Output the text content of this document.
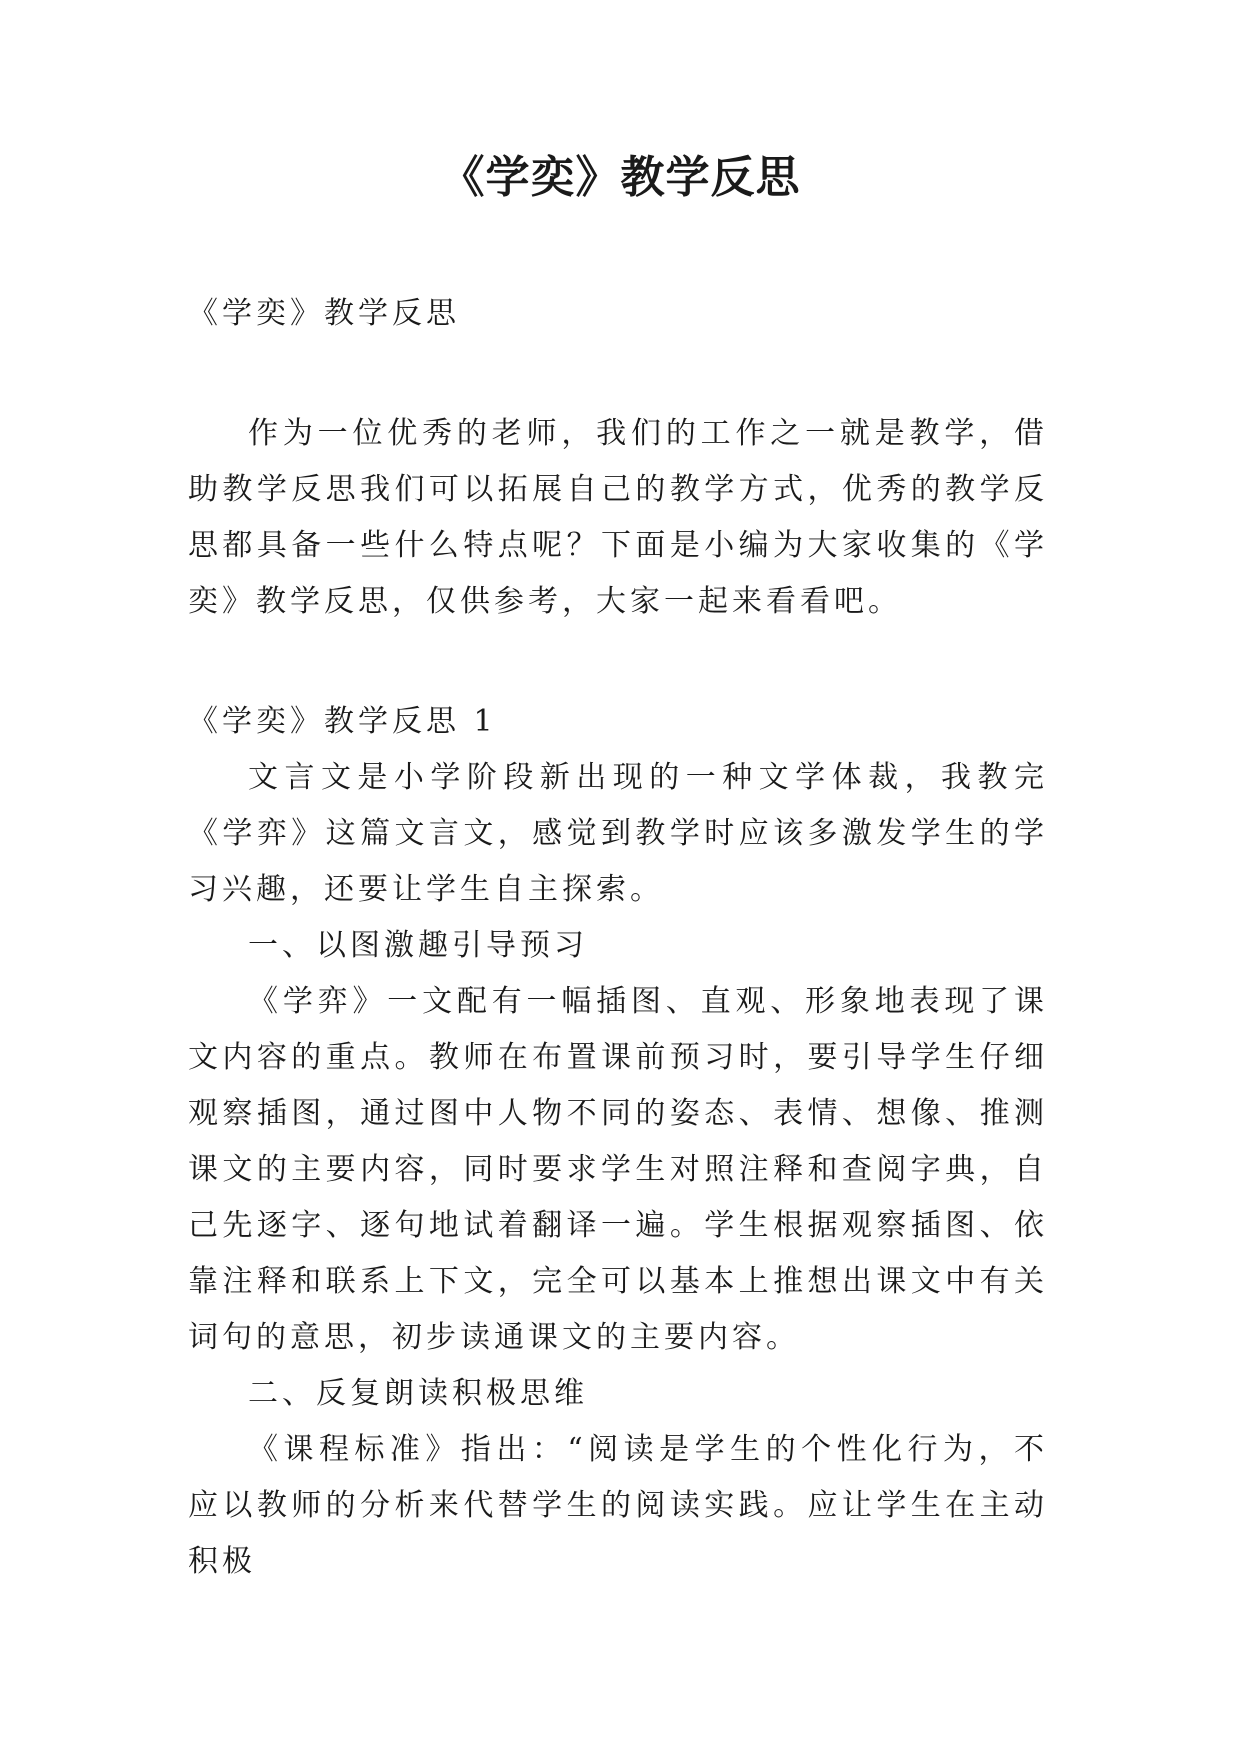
《学奕》教学反思

《学奕》教学反思

作为一位优秀的老师，我们的工作之一就是教学，借助教学反思我们可以拓展自己的教学方式，优秀的教学反思都具备一些什么特点呢？下面是小编为大家收集的《学奕》教学反思，仅供参考，大家一起来看看吧。

《学奕》教学反思 1

文言文是小学阶段新出现的一种文学体裁，我教完《学弈》这篇文言文，感觉到教学时应该多激发学生的学习兴趣，还要让学生自主探索。

一、以图激趣引导预习

《学弈》一文配有一幅插图、直观、形象地表现了课文内容的重点。教师在布置课前预习时，要引导学生仔细观察插图，通过图中人物不同的姿态、表情、想像、推测课文的主要内容，同时要求学生对照注释和查阅字典，自己先逐字、逐句地试着翻译一遍。学生根据观察插图、依靠注释和联系上下文，完全可以基本上推想出课文中有关词句的意思，初步读通课文的主要内容。

二、反复朗读积极思维

《课程标准》指出：“阅读是学生的个性化行为，不应以教师的分析来代替学生的阅读实践。应让学生在主动积极
